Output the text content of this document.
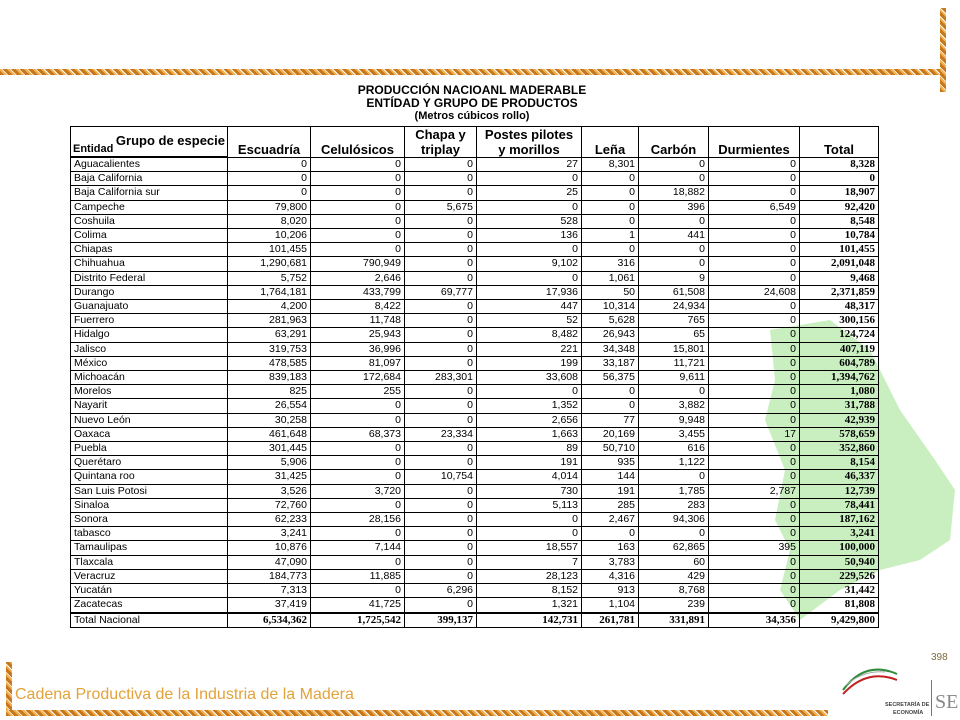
PRODUCCIÓN NACIOANL MADERABLE
ENTÍDAD Y GRUPO DE PRODUCTOS
(Metros cúbicos rollo)
Grupo de especie
Entidad	Escuadría	Celulósicos	Chapa y triplay	Postes pilotes y morillos	Leña	Carbón	Durmientes	Total
Aguacalientes	0	0	0	27	8,301	0	0	8,328
Baja California	0	0	0	0	0	0	0	0
Baja California sur	0	0	0	25	0	18,882	0	18,907
Campeche	79,800	0	5,675	0	0	396	6,549	92,420
Coshuila	8,020	0	0	528	0	0	0	8,548
Colima	10,206	0	0	136	1	441	0	10,784
Chiapas	101,455	0	0	0	0	0	0	101,455
Chihuahua	1,290,681	790,949	0	9,102	316	0	0	2,091,048
Distrito Federal	5,752	2,646	0	0	1,061	9	0	9,468
Durango	1,764,181	433,799	69,777	17,936	50	61,508	24,608	2,371,859
Guanajuato	4,200	8,422	0	447	10,314	24,934	0	48,317
Fuerrero	281,963	11,748	0	52	5,628	765	0	300,156
Hidalgo	63,291	25,943	0	8,482	26,943	65	0	124,724
Jalisco	319,753	36,996	0	221	34,348	15,801	0	407,119
México	478,585	81,097	0	199	33,187	11,721	0	604,789
Michoacán	839,183	172,684	283,301	33,608	56,375	9,611	0	1,394,762
Morelos	825	255	0	0	0	0	0	1,080
Nayarit	26,554	0	0	1,352	0	3,882	0	31,788
Nuevo León	30,258	0	0	2,656	77	9,948	0	42,939
Oaxaca	461,648	68,373	23,334	1,663	20,169	3,455	17	578,659
Puebla	301,445	0	0	89	50,710	616	0	352,860
Querétaro	5,906	0	0	191	935	1,122	0	8,154
Quintana roo	31,425	0	10,754	4,014	144	0	0	46,337
San Luis Potosi	3,526	3,720	0	730	191	1,785	2,787	12,739
Sinaloa	72,760	0	0	5,113	285	283	0	78,441
Sonora	62,233	28,156	0	0	2,467	94,306	0	187,162
tabasco	3,241	0	0	0	0	0	0	3,241
Tamaulipas	10,876	7,144	0	18,557	163	62,865	395	100,000
Tlaxcala	47,090	0	0	7	3,783	60	0	50,940
Veracruz	184,773	11,885	0	28,123	4,316	429	0	229,526
Yucatán	7,313	0	6,296	8,152	913	8,768	0	31,442
Zacatecas	37,419	41,725	0	1,321	1,104	239	0	81,808
Total Nacional	6,534,362	1,725,542	399,137	142,731	261,781	331,891	34,356	9,429,800
398
Cadena Productiva de la Industria de la Madera	SE
SECRETARÍA DE
ECONOMÍA
